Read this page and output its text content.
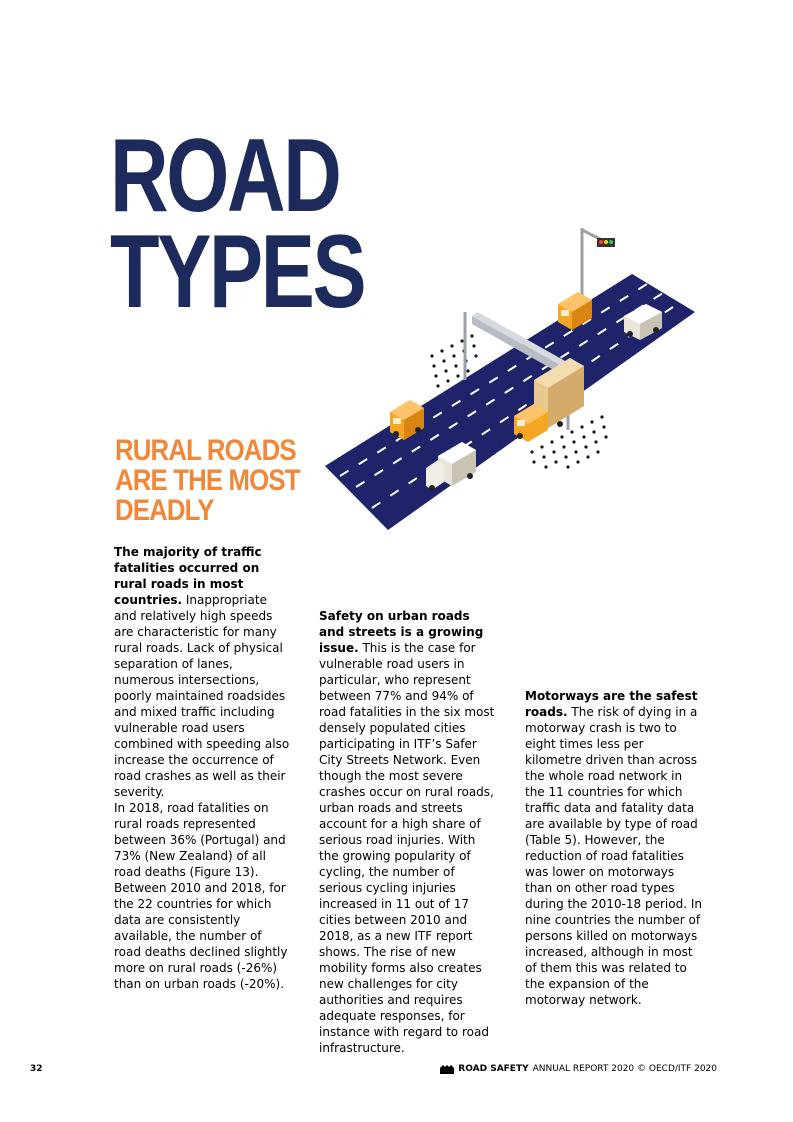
ROAD
TYPES
RURAL ROADS
ARE THE MOST
DEADLY

The majority of traffic fatalities occurred on rural roads in most countries. Inappropriate and relatively high speeds are characteristic for many rural roads. Lack of physical separation of lanes, numerous intersections, poorly maintained roadsides and mixed traffic including vulnerable road users combined with speeding also increase the occurrence of road crashes as well as their severity.

In 2018, road fatalities on rural roads represented between 36% (Portugal) and 73% (New Zealand) of all road deaths (Figure 13). Between 2010 and 2018, for the 22 countries for which data are consistently available, the number of road deaths declined slightly more on rural roads (-26%) than on urban roads (-20%).

Safety on urban roads and streets is a growing issue. This is the case for vulnerable road users in particular, who represent between 77% and 94% of road fatalities in the six most densely populated cities participating in ITF’s Safer City Streets Network. Even though the most severe crashes occur on rural roads, urban roads and streets account for a high share of serious road injuries. With the growing popularity of cycling, the number of serious cycling injuries increased in 11 out of 17 cities between 2010 and 2018, as a new ITF report shows. The rise of new mobility forms also creates new challenges for city authorities and requires adequate responses, for instance with regard to road infrastructure.

Motorways are the safest roads. The risk of dying in a motorway crash is two to eight times less per kilometre driven than across the whole road network in the 11 countries for which traffic data and fatality data are available by type of road (Table 5). However, the reduction of road fatalities was lower on motorways than on other road types during the 2010-18 period. In nine countries the number of persons killed on motorways increased, although in most of them this was related to the expansion of the motorway network.

32	ROAD SAFETY ANNUAL REPORT 2020 © OECD/ITF 2020
